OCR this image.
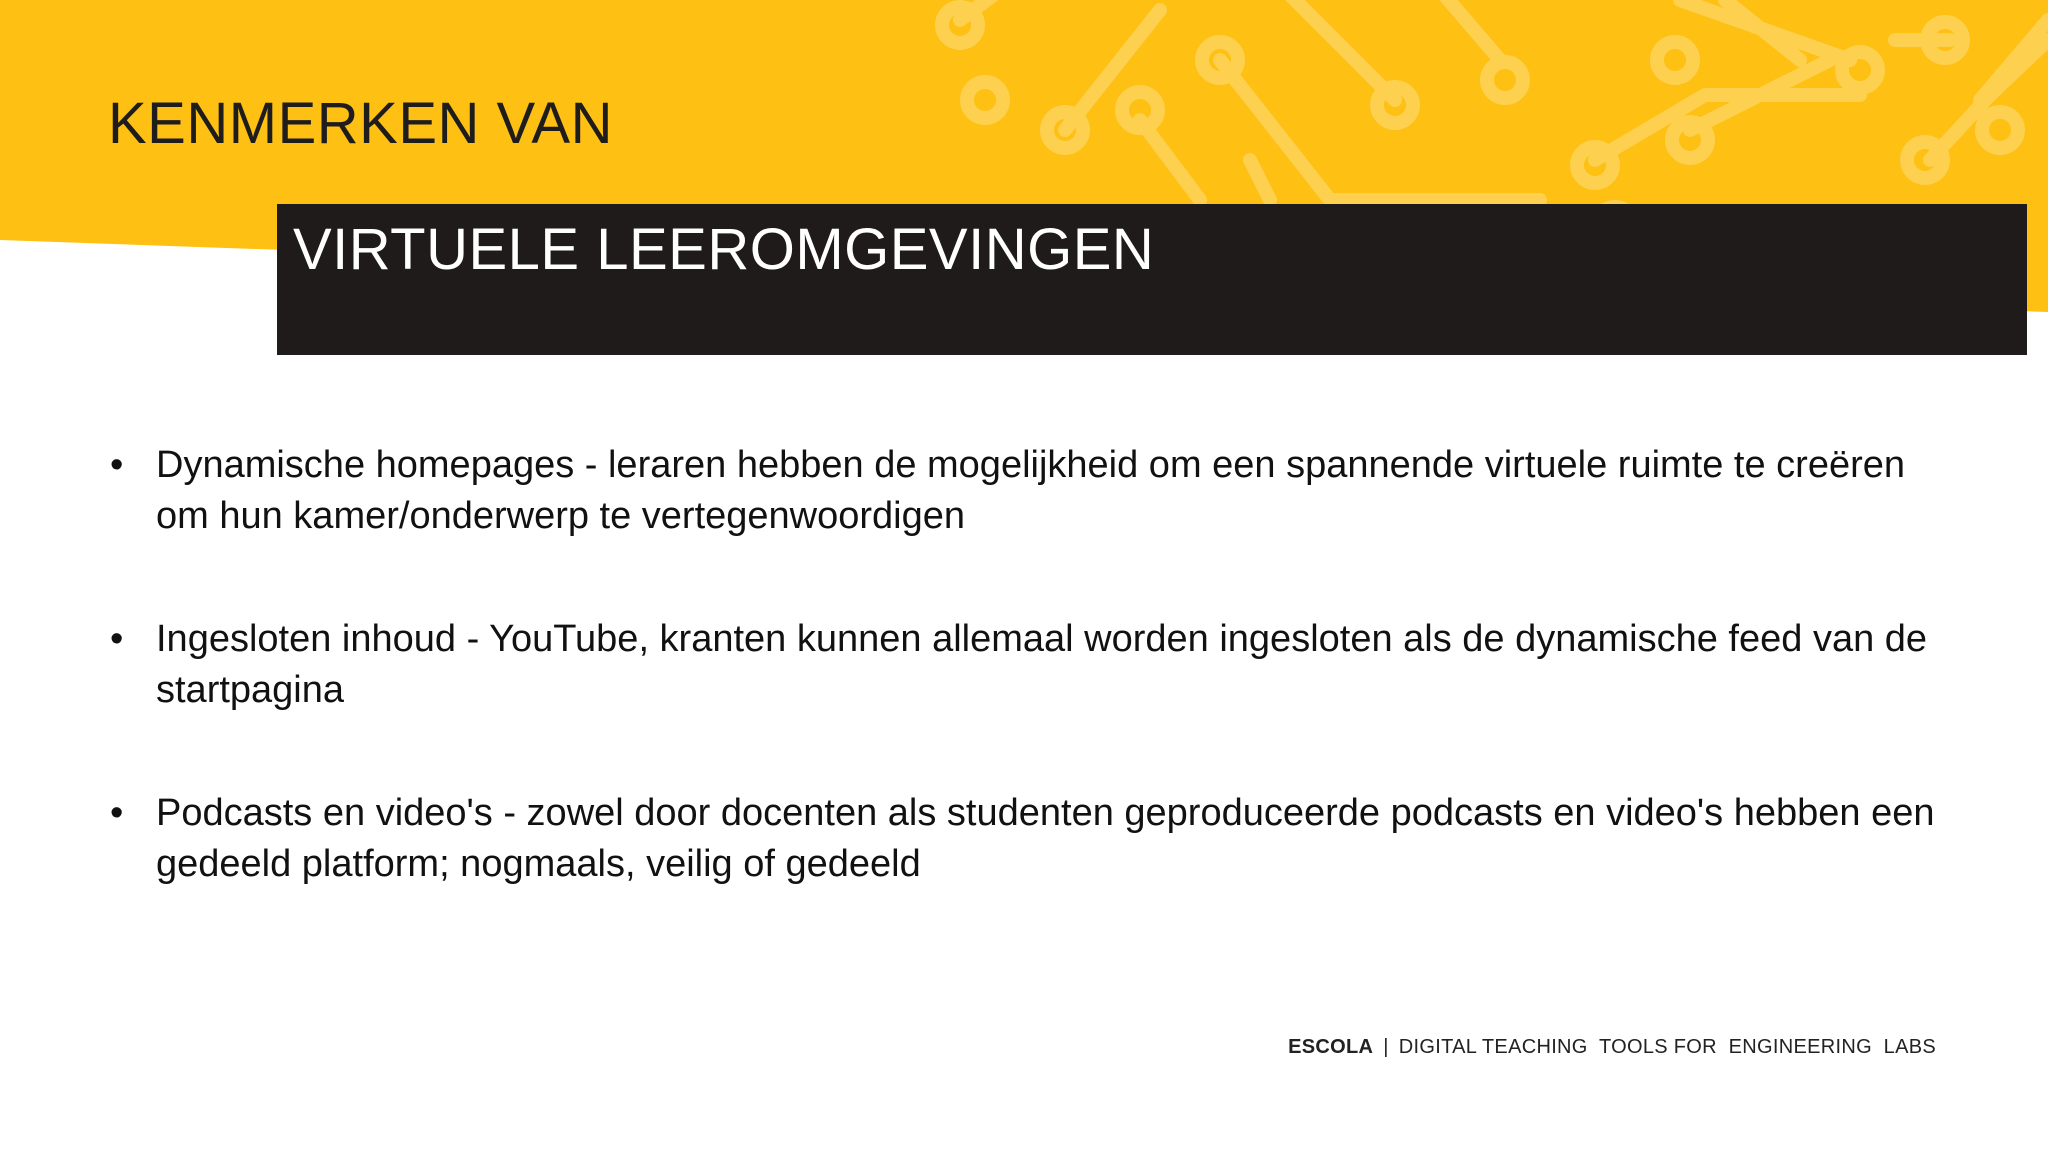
KENMERKEN VAN
VIRTUELE LEEROMGEVINGEN
• Dynamische homepages - leraren hebben de mogelijkheid om een spannende virtuele ruimte te creëren om hun kamer/onderwerp te vertegenwoordigen
• Ingesloten inhoud - YouTube, kranten kunnen allemaal worden ingesloten als de dynamische feed van de startpagina
• Podcasts en video's - zowel door docenten als studenten geproduceerde podcasts en video's hebben een gedeeld platform; nogmaals, veilig of gedeeld
ESCOLA | DIGITAL TEACHING  TOOLS FOR  ENGINEERING  LABS
